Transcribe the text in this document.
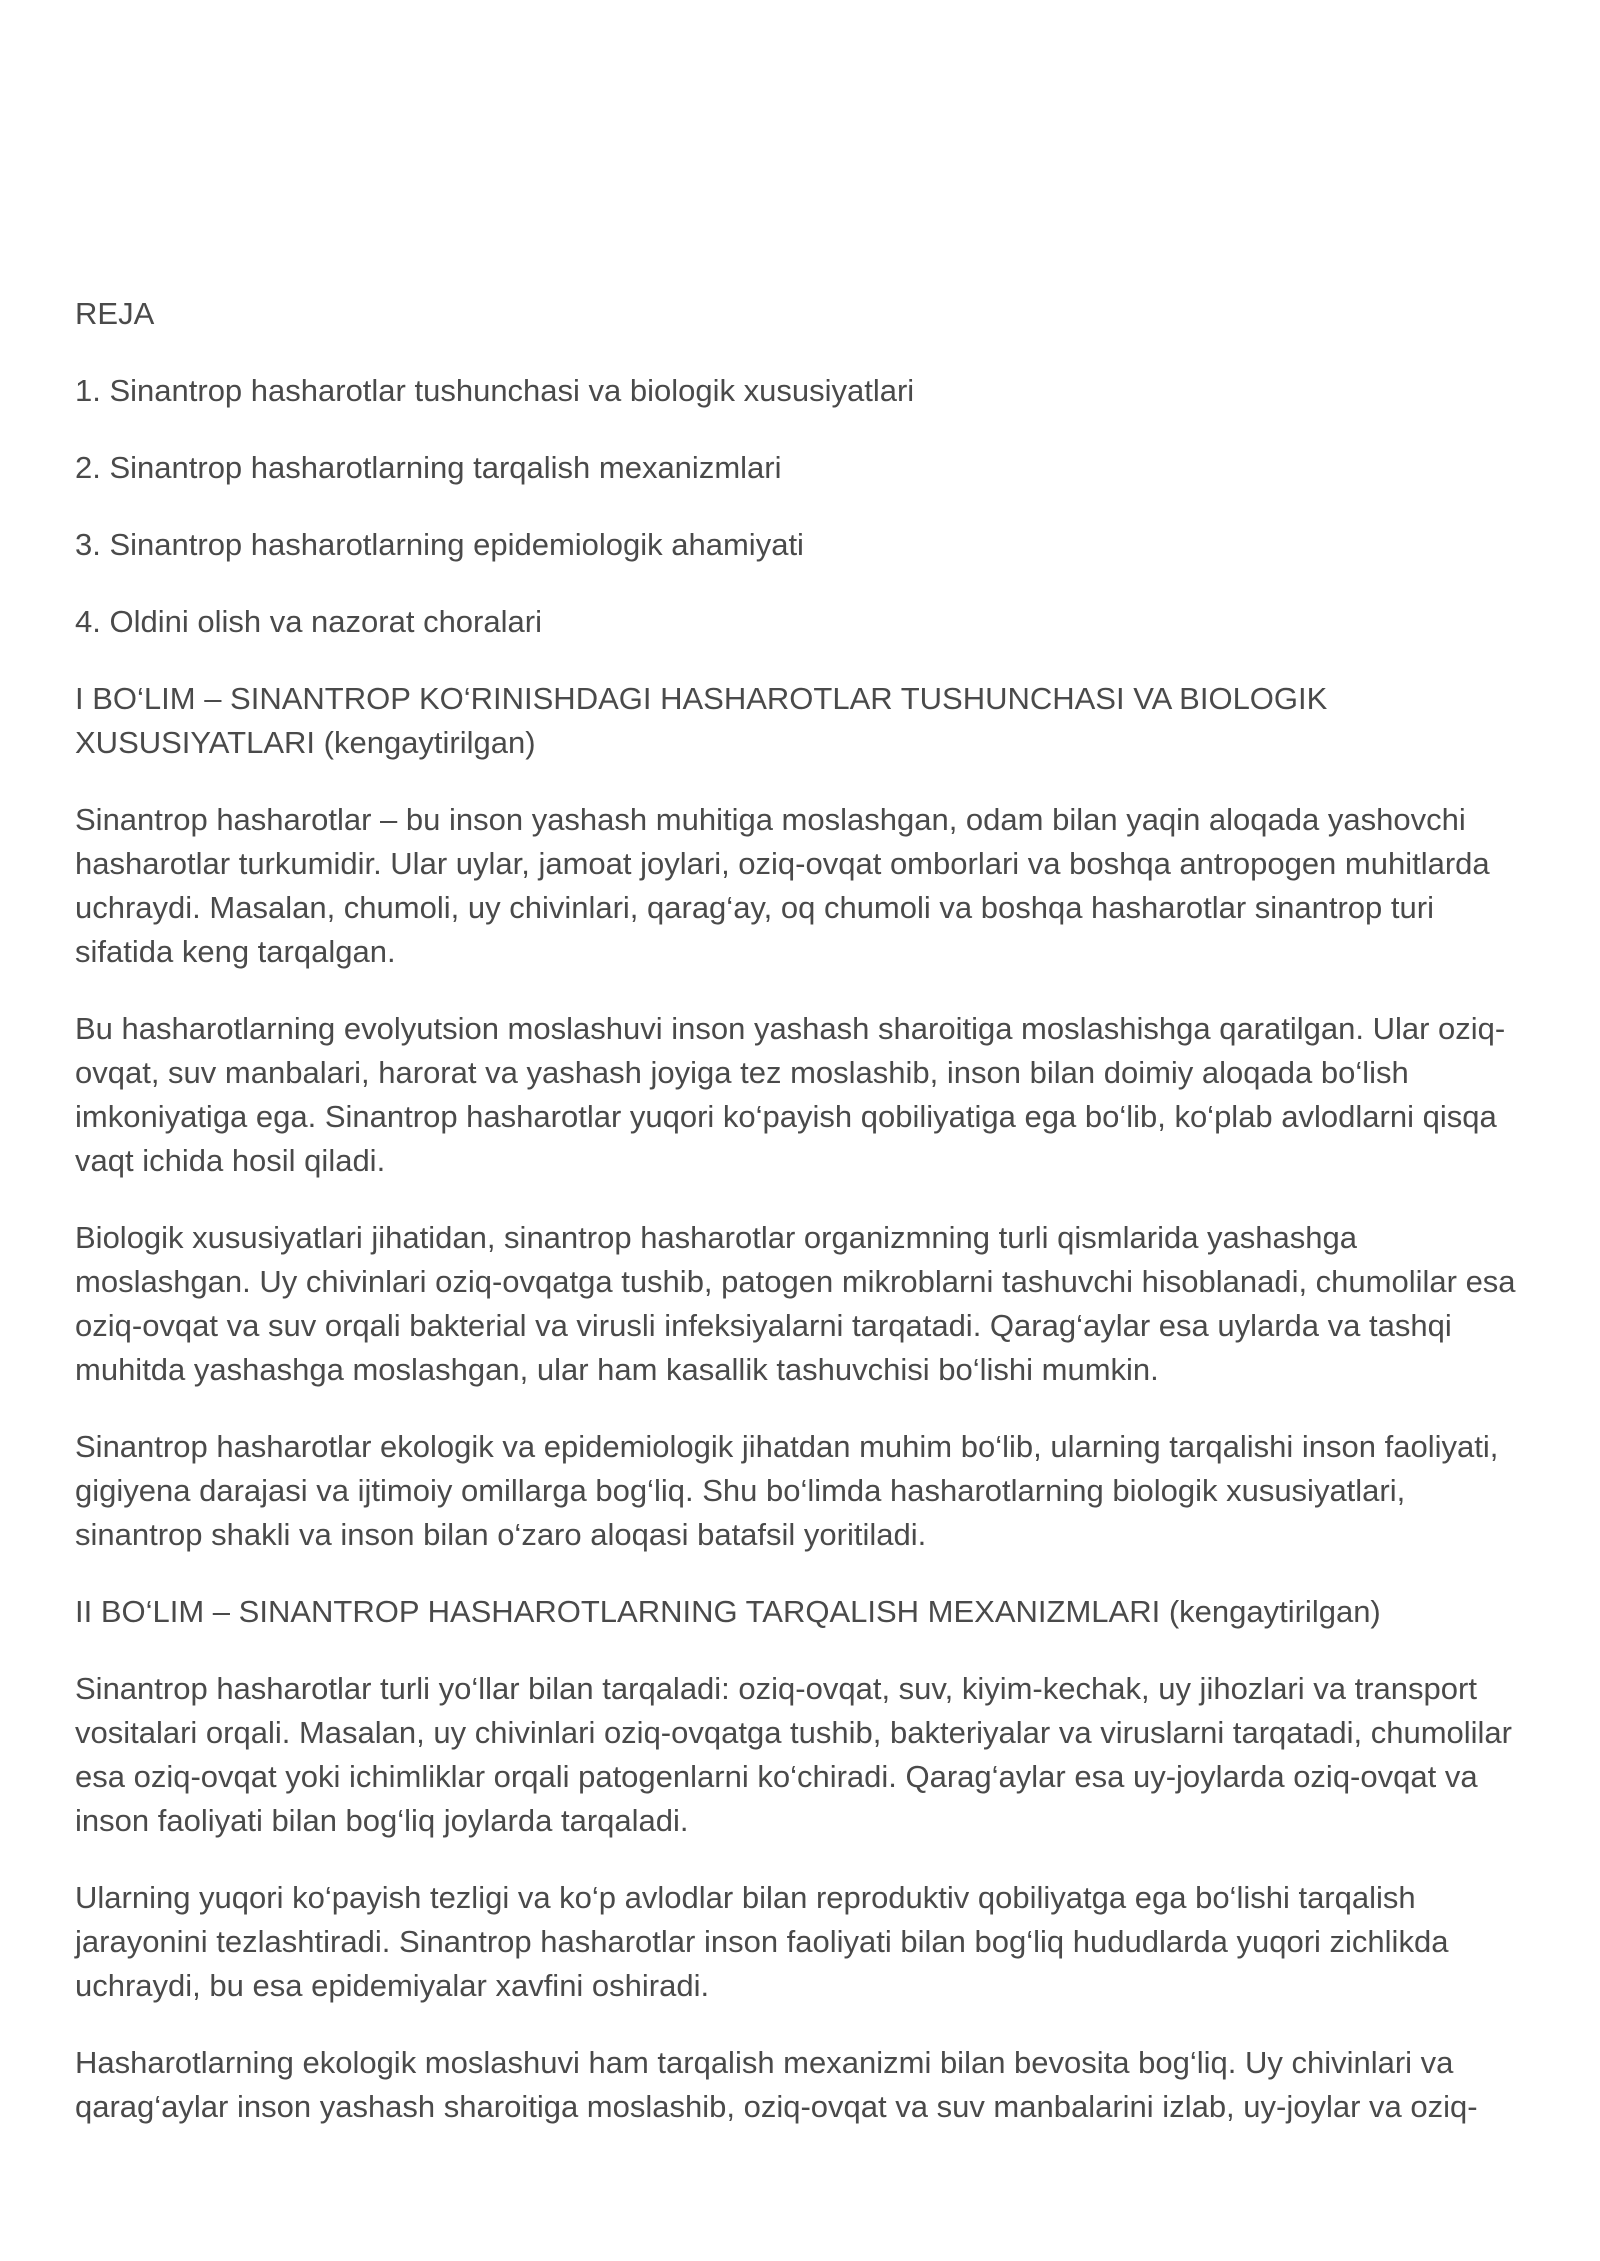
REJA
1. Sinantrop hasharotlar tushunchasi va biologik xususiyatlari
2. Sinantrop hasharotlarning tarqalish mexanizmlari
3. Sinantrop hasharotlarning epidemiologik ahamiyati
4. Oldini olish va nazorat choralari
I BO‘LIM – SINANTROP KO‘RINISHDAGI HASHAROTLAR TUSHUNCHASI VA BIOLOGIK XUSUSIYATLARI (kengaytirilgan)
Sinantrop hasharotlar – bu inson yashash muhitiga moslashgan, odam bilan yaqin aloqada yashovchi hasharotlar turkumidir. Ular uylar, jamoat joylari, oziq-ovqat omborlari va boshqa antropogen muhitlarda uchraydi. Masalan, chumoli, uy chivinlari, qarag‘ay, oq chumoli va boshqa hasharotlar sinantrop turi sifatida keng tarqalgan.
Bu hasharotlarning evolyutsion moslashuvi inson yashash sharoitiga moslashishga qaratilgan. Ular oziq-ovqat, suv manbalari, harorat va yashash joyiga tez moslashib, inson bilan doimiy aloqada bo‘lish imkoniyatiga ega. Sinantrop hasharotlar yuqori ko‘payish qobiliyatiga ega bo‘lib, ko‘plab avlodlarni qisqa vaqt ichida hosil qiladi.
Biologik xususiyatlari jihatidan, sinantrop hasharotlar organizmning turli qismlarida yashashga moslashgan. Uy chivinlari oziq-ovqatga tushib, patogen mikroblarni tashuvchi hisoblanadi, chumolilar esa oziq-ovqat va suv orqali bakterial va virusli infeksiyalarni tarqatadi. Qarag‘aylar esa uylarda va tashqi muhitda yashashga moslashgan, ular ham kasallik tashuvchisi bo‘lishi mumkin.
Sinantrop hasharotlar ekologik va epidemiologik jihatdan muhim bo‘lib, ularning tarqalishi inson faoliyati, gigiyena darajasi va ijtimoiy omillarga bog‘liq. Shu bo‘limda hasharotlarning biologik xususiyatlari, sinantrop shakli va inson bilan o‘zaro aloqasi batafsil yoritiladi.
II BO‘LIM – SINANTROP HASHAROTLARNING TARQALISH MEXANIZMLARI (kengaytirilgan)
Sinantrop hasharotlar turli yo‘llar bilan tarqaladi: oziq-ovqat, suv, kiyim-kechak, uy jihozlari va transport vositalari orqali. Masalan, uy chivinlari oziq-ovqatga tushib, bakteriyalar va viruslarni tarqatadi, chumolilar esa oziq-ovqat yoki ichimliklar orqali patogenlarni ko‘chiradi. Qarag‘aylar esa uy-joylarda oziq-ovqat va inson faoliyati bilan bog‘liq joylarda tarqaladi.
Ularning yuqori ko‘payish tezligi va ko‘p avlodlar bilan reproduktiv qobiliyatga ega bo‘lishi tarqalish jarayonini tezlashtiradi. Sinantrop hasharotlar inson faoliyati bilan bog‘liq hududlarda yuqori zichlikda uchraydi, bu esa epidemiyalar xavfini oshiradi.
Hasharotlarning ekologik moslashuvi ham tarqalish mexanizmi bilan bevosita bog‘liq. Uy chivinlari va qarag‘aylar inson yashash sharoitiga moslashib, oziq-ovqat va suv manbalarini izlab, uy-joylar va oziq-
